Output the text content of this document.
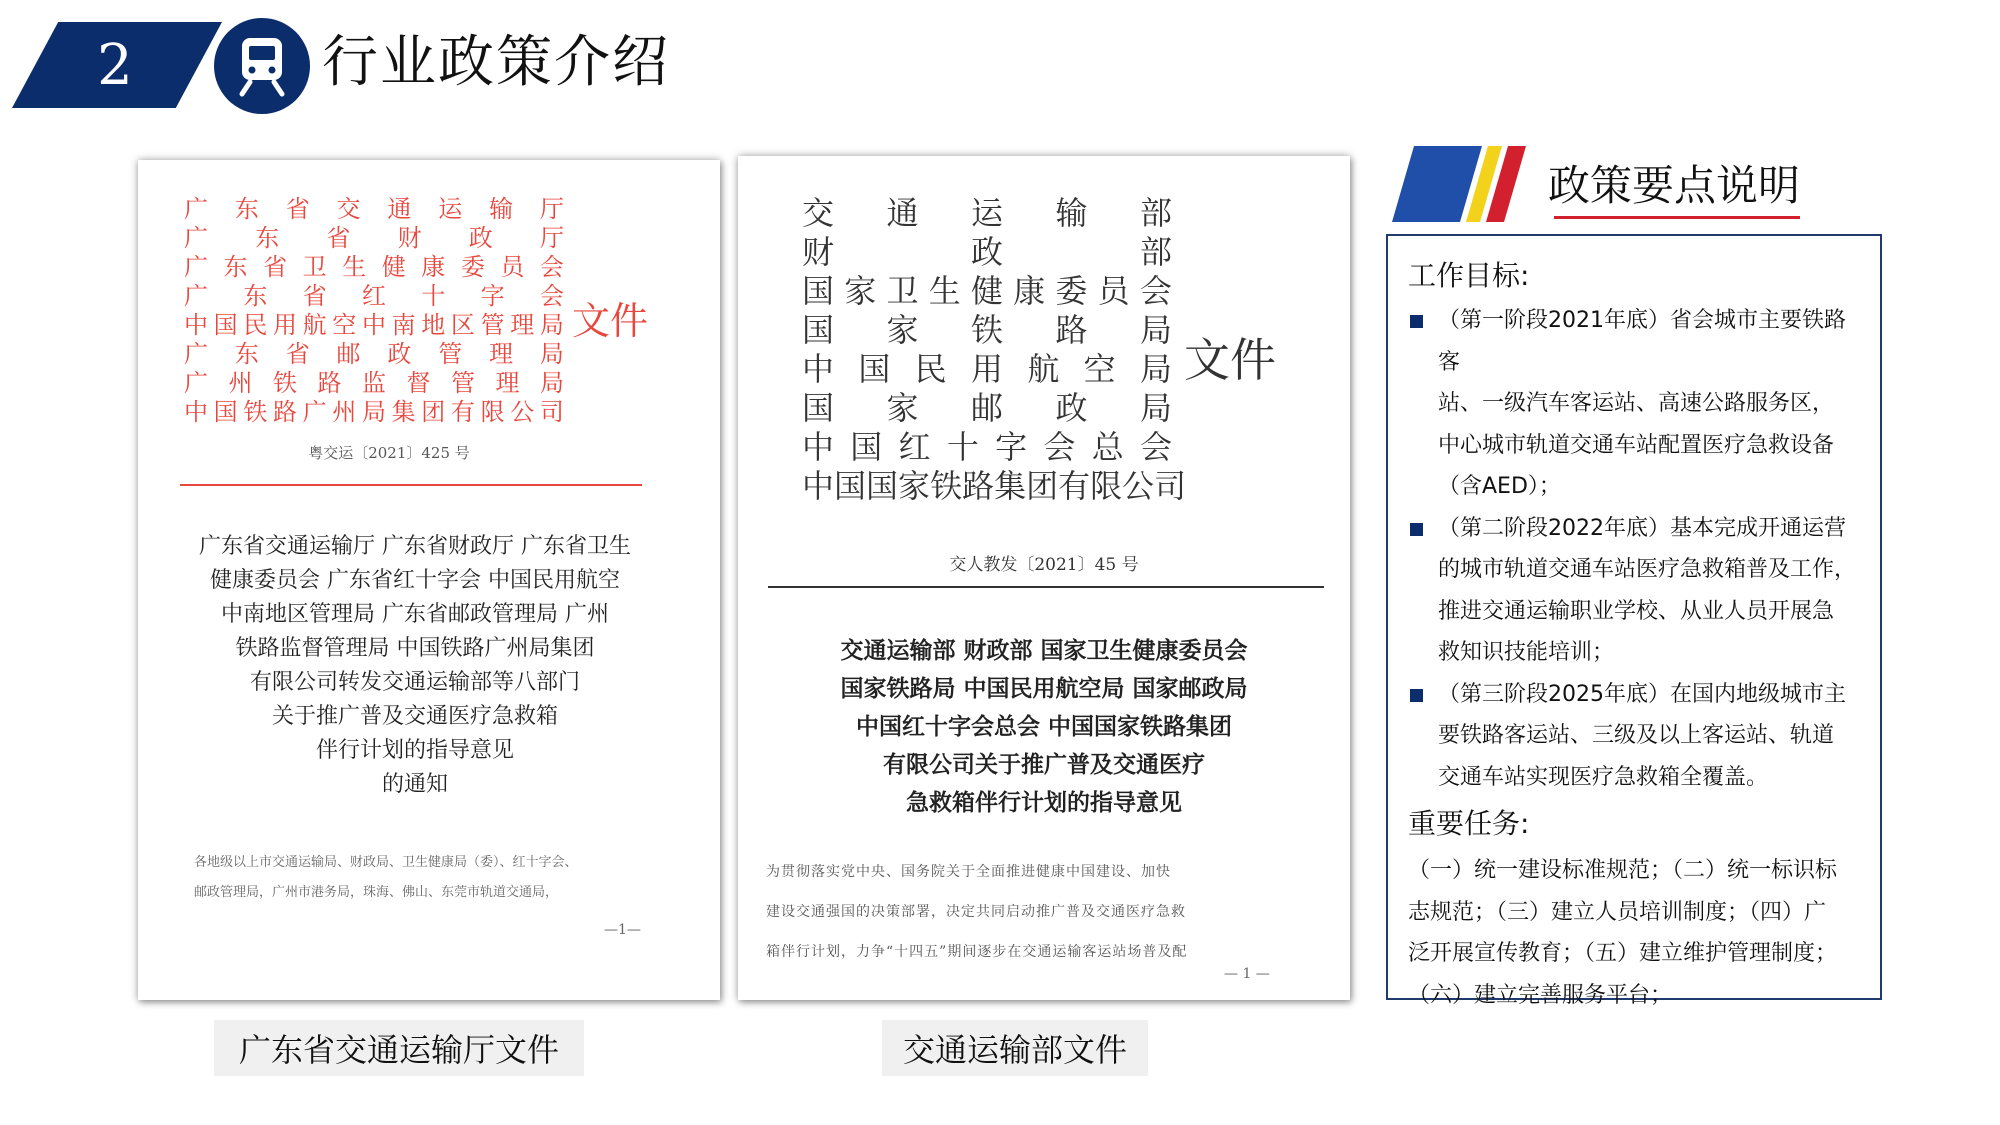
2	行业政策介绍
广 东 省 交 通 运 输 厅
广 东 省 财 政 厅
广 东 省 卫 生 健 康 委 员 会
广 东 省 红 十 字 会
中 国 民 用 航 空 中 南 地 区 管 理 局
广 东 省 邮 政 管 理 局
广 州 铁 路 监 督 管 理 局
中 国 铁 路 广 州 局 集 团 有 限 公 司
文件
粤交运〔2021〕425 号
广东省交通运输厅 广东省财政厅 广东省卫生
健康委员会 广东省红十字会 中国民用航空
中南地区管理局 广东省邮政管理局 广州
铁路监督管理局 中国铁路广州局集团
有限公司转发交通运输部等八部门
关于推广普及交通医疗急救箱
伴行计划的指导意见
的通知
各地级以上市交通运输局、财政局、卫生健康局（委）、红十字会、
邮政管理局，广州市港务局，珠海、佛山、东莞市轨道交通局，
—1—
交 通 运 输 部
财	政	部
国 家 卫 生 健 康 委 员 会
国 家 铁 路 局
中 国 民 用 航 空 局
国 家 邮 政 局
中 国 红 十 字 会 总 会
中 国 国 家 铁 路 集 团 有 限 公 司
文件
交人教发〔2021〕45 号
交通运输部 财政部 国家卫生健康委员会
国家铁路局 中国民用航空局 国家邮政局
中国红十字会总会 中国国家铁路集团
有限公司关于推广普及交通医疗
急救箱伴行计划的指导意见
为贯彻落实党中央、国务院关于全面推进健康中国建设、加快
建设交通强国的决策部署，决定共同启动推广普及交通医疗急救
箱伴行计划，力争“十四五”期间逐步在交通运输客运站场普及配
— 1 —
广东省交通运输厅文件	交通运输部文件
政策要点说明
工作目标:
（第一阶段2021年底）省会城市主要铁路客
站、一级汽车客运站、高速公路服务区，
中心城市轨道交通车站配置医疗急救设备
（含AED）；
（第二阶段2022年底）基本完成开通运营
的城市轨道交通车站医疗急救箱普及工作，
推进交通运输职业学校、从业人员开展急
救知识技能培训；
（第三阶段2025年底）在国内地级城市主
要铁路客运站、三级及以上客运站、轨道
交通车站实现医疗急救箱全覆盖。
重要任务:
（一）统一建设标准规范；（二）统一标识标
志规范；（三）建立人员培训制度；（四）广
泛开展宣传教育；（五）建立维护管理制度；
（六）建立完善服务平台；
